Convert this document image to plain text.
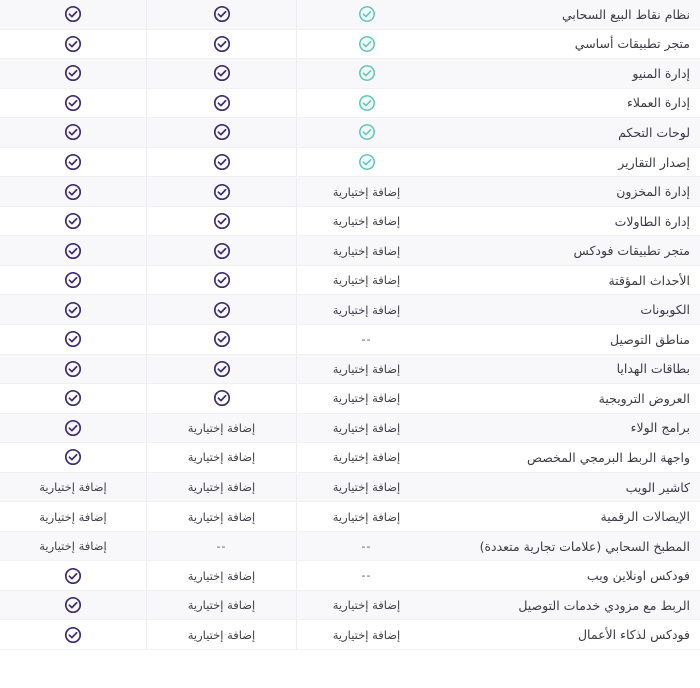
نظام نقاط البيع السحابي
متجر تطبيقات أساسي
إدارة المنيو
إدارة العملاء
لوحات التحكم
إصدار التقارير
إدارة المخزون
إضافة إختيارية
إدارة الطاولات
إضافة إختيارية
متجر تطبيقات فودكس
إضافة إختيارية
الأحداث المؤقتة
إضافة إختيارية
الكوبونات
إضافة إختيارية
مناطق التوصيل
--
بطاقات الهدايا
إضافة إختيارية
العروض الترويجية
إضافة إختيارية
برامج الولاء
إضافة إختيارية
إضافة إختيارية
واجهة الربط البرمجي المخصص
إضافة إختيارية
إضافة إختيارية
كاشير الويب
إضافة إختيارية
إضافة إختيارية
إضافة إختيارية
الإيصالات الرقمية
إضافة إختيارية
إضافة إختيارية
إضافة إختيارية
المطبخ السحابي (علامات تجارية متعددة)
--
--
إضافة إختيارية
فودكس اونلاين ويب
--
إضافة إختيارية
الربط مع مزودي خدمات التوصيل
إضافة إختيارية
إضافة إختيارية
فودكس لذكاء الأعمال
إضافة إختيارية
إضافة إختيارية
